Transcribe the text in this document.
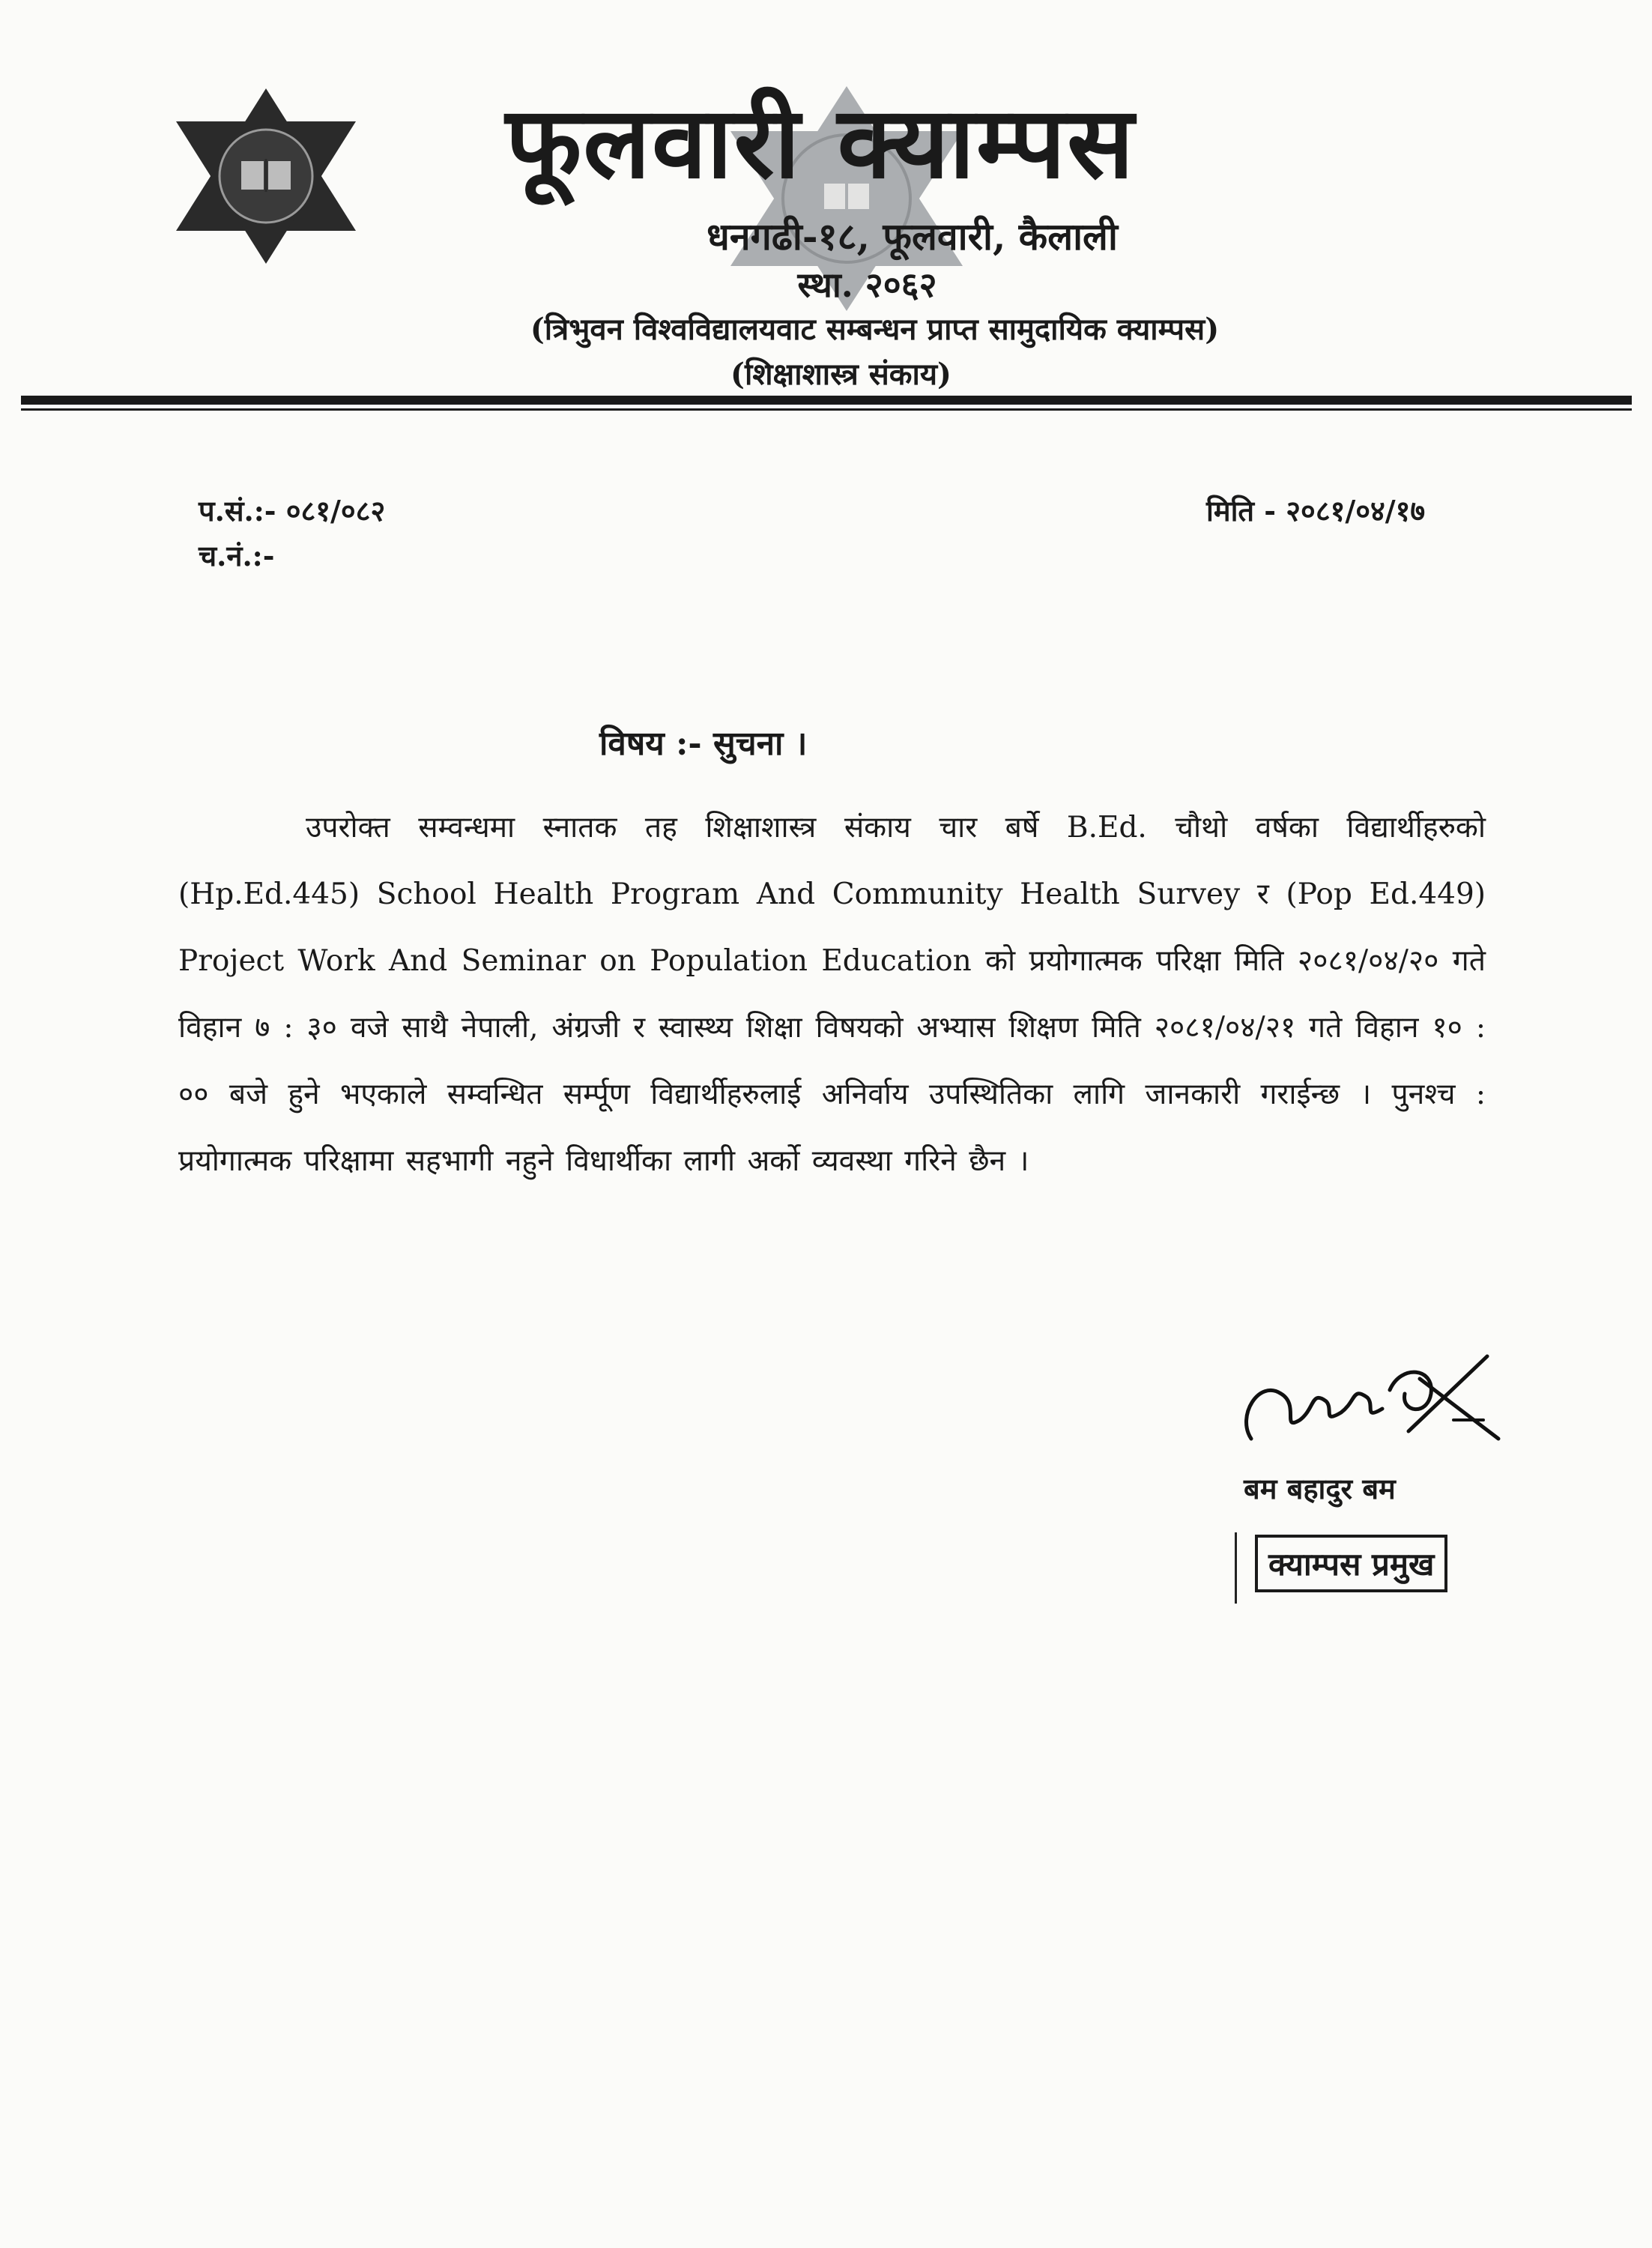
फूलवारी क्याम्पस
धनगढी-१८, फूलवारी, कैलाली
स्था. २०६२
(त्रिभुवन विश्वविद्यालयवाट सम्बन्धन प्राप्त सामुदायिक क्याम्पस)
(शिक्षाशास्त्र संकाय)
प.सं.:- ०८१/०८२
च.नं.:-
मिति - २०८१/०४/१७
विषय :- सुचना ।
उपरोक्त सम्वन्धमा स्नातक तह शिक्षाशास्त्र संकाय चार बर्षे B.Ed. चौथो वर्षका विद्यार्थीहरुको (Hp.Ed.445) School Health Program And Community Health Survey र (Pop Ed.449) Project Work And Seminar on Population Education को प्रयोगात्मक परिक्षा मिति २०८१/०४/२० गते विहान ७ : ३० वजे साथै नेपाली, अंग्रजी र स्वास्थ्य शिक्षा विषयको अभ्यास शिक्षण मिति २०८१/०४/२१ गते विहान १० : ०० बजे हुने भएकाले सम्वन्धित सर्म्पूण विद्यार्थीहरुलाई अनिर्वाय उपस्थितिका लागि जानकारी गराईन्छ । पुनश्च : प्रयोगात्मक परिक्षामा सहभागी नहुने विधार्थीका लागी अर्को व्यवस्था गरिने छैन ।
बम बहादुर बम
क्याम्पस प्रमुख
